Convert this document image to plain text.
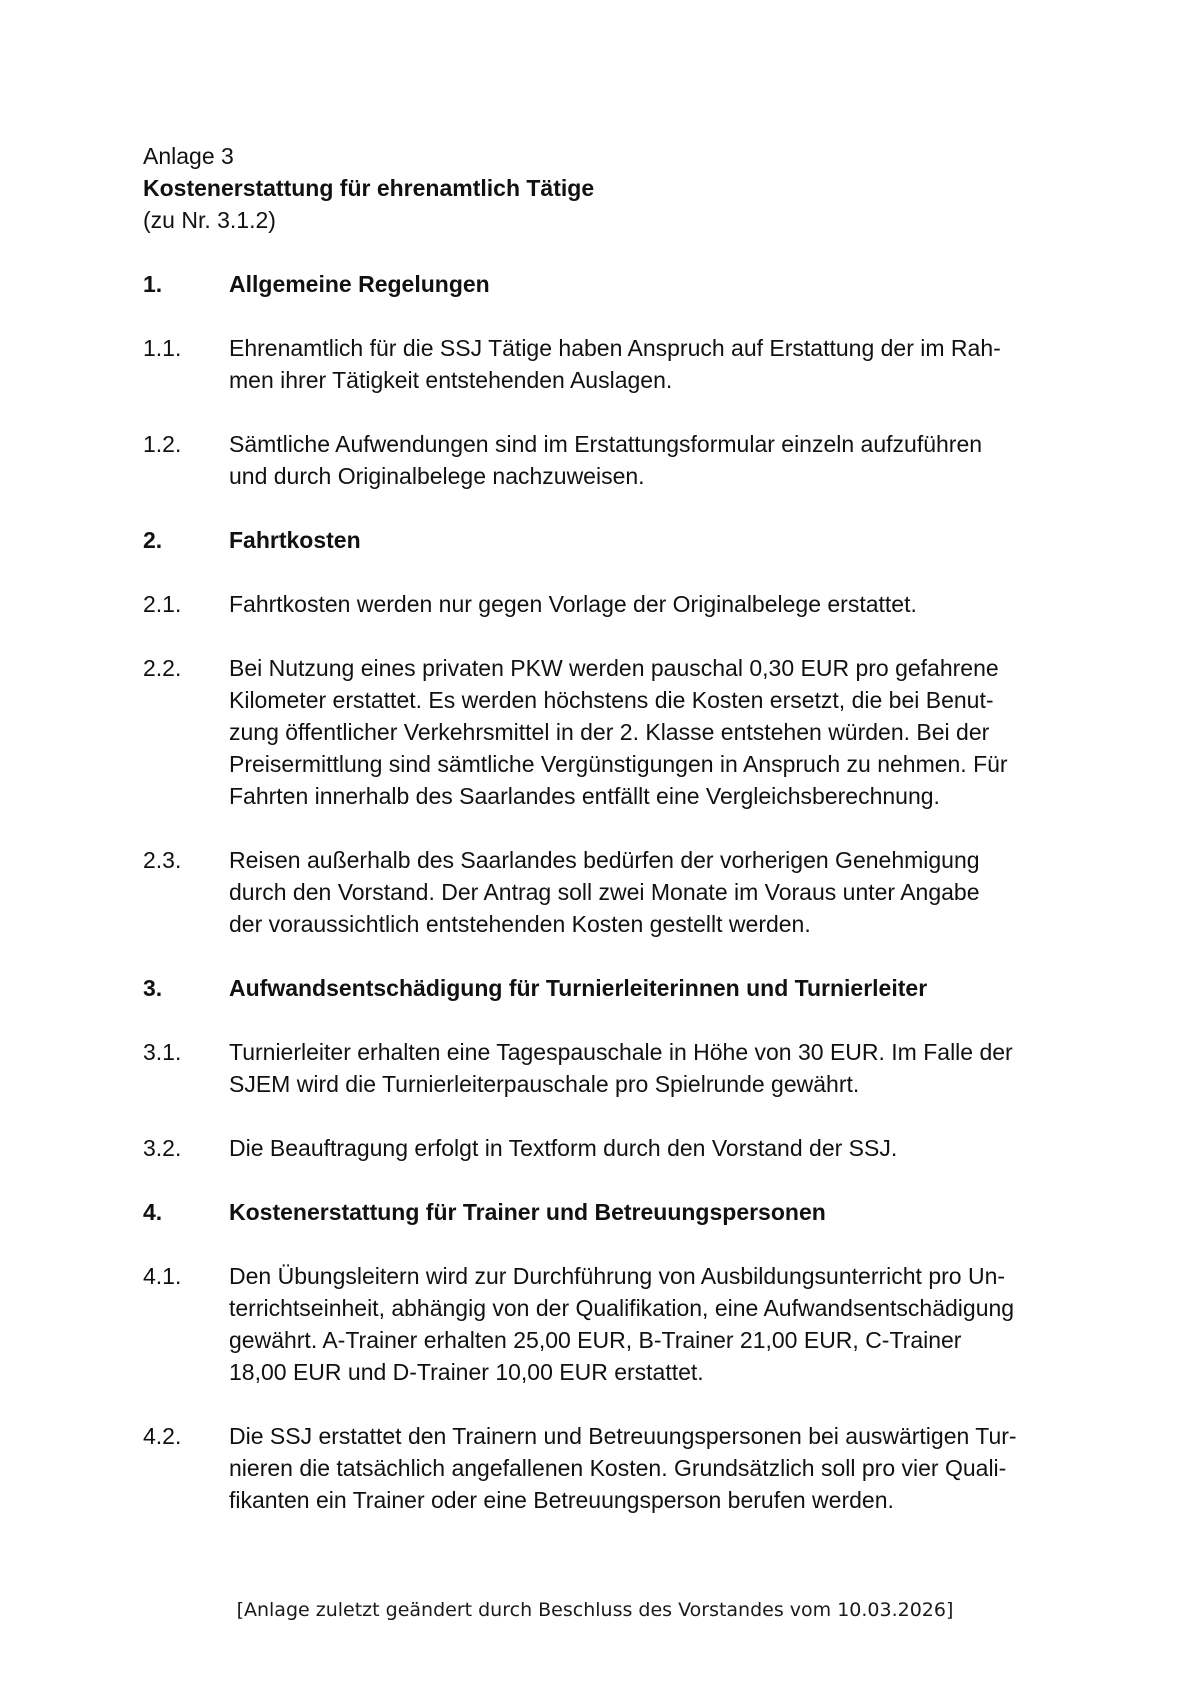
Anlage 3

Kostenerstattung für ehrenamtlich Tätige

(zu Nr. 3.1.2)

1.	Allgemeine Regelungen
1.1.	Ehrenamtlich für die SSJ Tätige haben Anspruch auf Erstattung der im Rah-
men ihrer Tätigkeit entstehenden Auslagen.
1.2.	Sämtliche Aufwendungen sind im Erstattungsformular einzeln aufzuführen
und durch Originalbelege nachzuweisen.
2.	Fahrtkosten
2.1.	Fahrtkosten werden nur gegen Vorlage der Originalbelege erstattet.
2.2.	Bei Nutzung eines privaten PKW werden pauschal 0,30 EUR pro gefahrene
Kilometer erstattet. Es werden höchstens die Kosten ersetzt, die bei Benut-
zung öffentlicher Verkehrsmittel in der 2. Klasse entstehen würden. Bei der
Preisermittlung sind sämtliche Vergünstigungen in Anspruch zu nehmen. Für
Fahrten innerhalb des Saarlandes entfällt eine Vergleichsberechnung.
2.3.	Reisen außerhalb des Saarlandes bedürfen der vorherigen Genehmigung
durch den Vorstand. Der Antrag soll zwei Monate im Voraus unter Angabe
der voraussichtlich entstehenden Kosten gestellt werden.
3.	Aufwandsentschädigung für Turnierleiterinnen und Turnierleiter
3.1.	Turnierleiter erhalten eine Tagespauschale in Höhe von 30 EUR. Im Falle der
SJEM wird die Turnierleiterpauschale pro Spielrunde gewährt.
3.2.	Die Beauftragung erfolgt in Textform durch den Vorstand der SSJ.
4.	Kostenerstattung für Trainer und Betreuungspersonen
4.1.	Den Übungsleitern wird zur Durchführung von Ausbildungsunterricht pro Un-
terrichtseinheit, abhängig von der Qualifikation, eine Aufwandsentschädigung
gewährt. A-Trainer erhalten 25,00 EUR, B-Trainer 21,00 EUR, C-Trainer
18,00 EUR und D-Trainer 10,00 EUR erstattet.
4.2.	Die SSJ erstattet den Trainern und Betreuungspersonen bei auswärtigen Tur-
nieren die tatsächlich angefallenen Kosten. Grundsätzlich soll pro vier Quali-
fikanten ein Trainer oder eine Betreuungsperson berufen werden.
[Anlage zuletzt geändert durch Beschluss des Vorstandes vom 10.03.2026]
